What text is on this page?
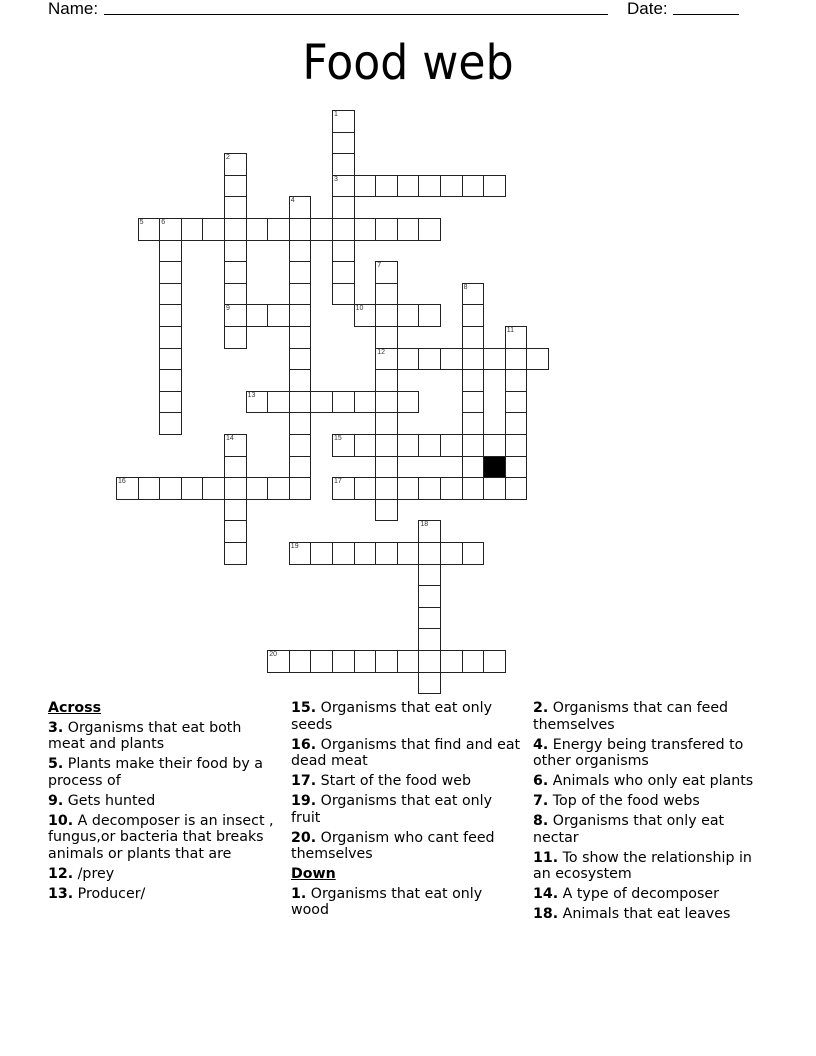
Name:	Date:
Food web
1
3
2
9
4
5	6
7
12
8
10
11
13
14	15
16	17
18
19
20
Across
3. Organisms that eat both meat and plants
5. Plants make their food by a process of
9. Gets hunted
10. A decomposer is an insect , fungus,or bacteria that breaks animals or plants that are
12. /prey
13. Producer/
15. Organisms that eat only seeds
16. Organisms that find and eat dead meat
17. Start of the food web
19. Organisms that eat only fruit
20. Organism who cant feed themselves
Down
1. Organisms that eat only wood
2. Organisms that can feed themselves
4. Energy being transfered to other organisms
6. Animals who only eat plants
7. Top of the food webs
8. Organisms that only eat nectar
11. To show the relationship in an ecosystem
14. A type of decomposer
18. Animals that eat leaves
